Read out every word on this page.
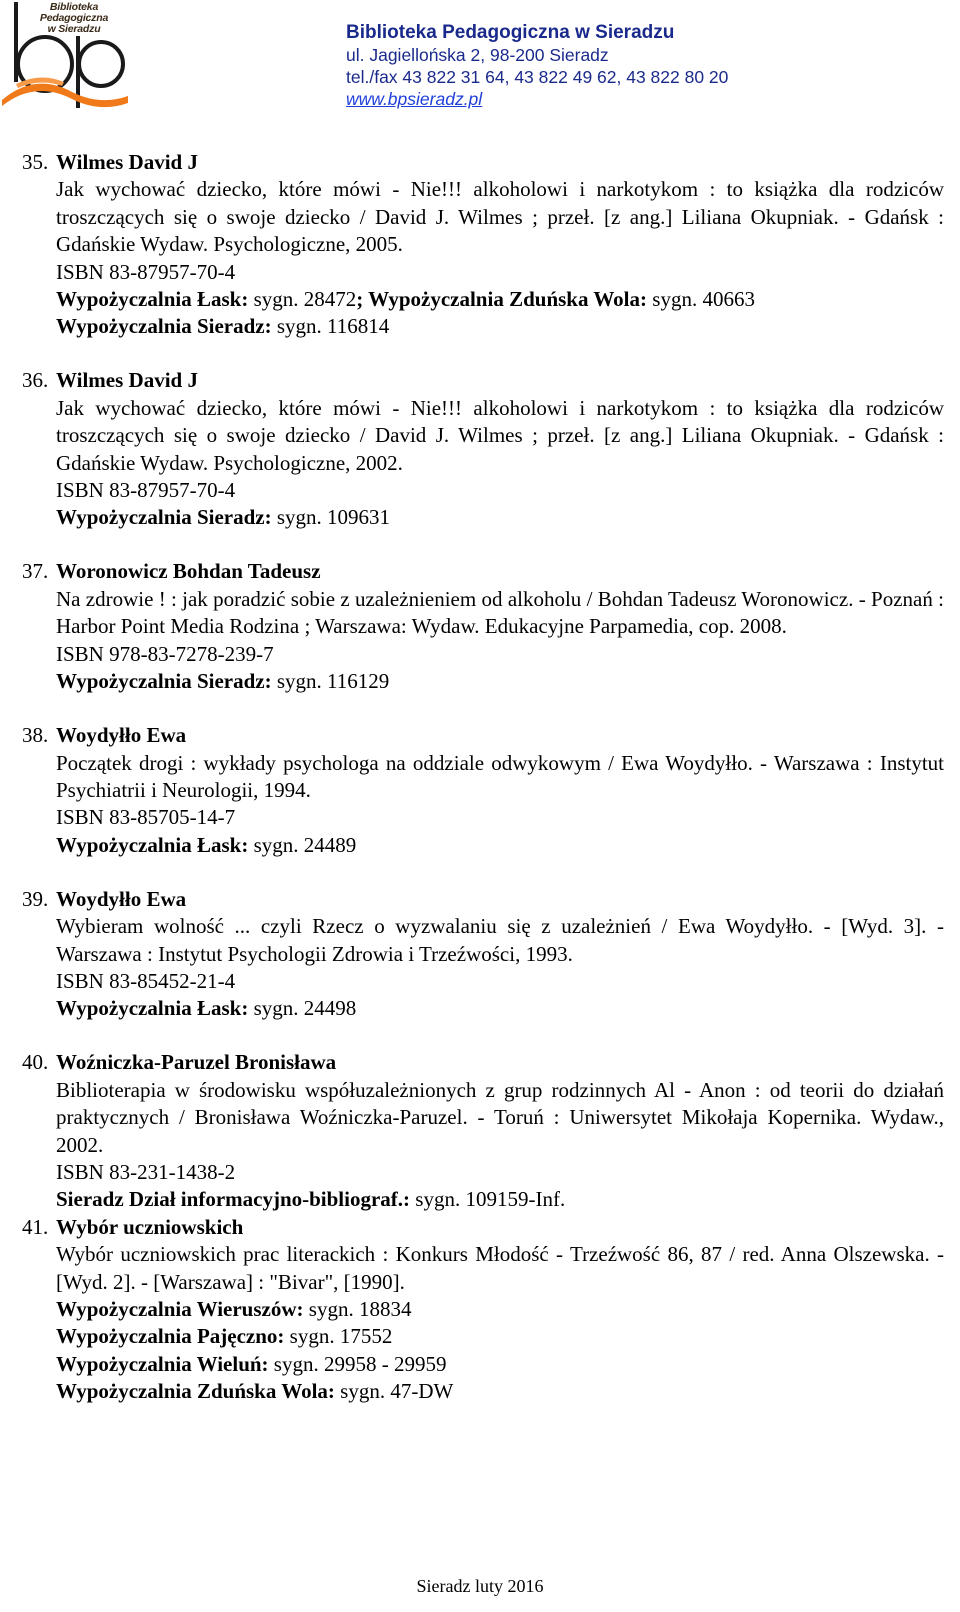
Biblioteka Pedagogiczna
w Sieradzu	Biblioteka Pedagogiczna w Sieradzu
ul. Jagiellońska 2, 98-200 Sieradz
tel./fax 43 822 31 64, 43 822 49 62, 43 822 80 20
www.bpsieradz.pl
35. Wilmes David J
Jak wychować dziecko, które mówi - Nie!!! alkoholowi i narkotykom : to książka dla rodziców troszczących się o swoje dziecko / David J. Wilmes ; przeł. [z ang.] Liliana Okupniak. - Gdańsk : Gdańskie Wydaw. Psychologiczne, 2005.
ISBN 83-87957-70-4
Wypożyczalnia Łask: sygn. 28472; Wypożyczalnia Zduńska Wola: sygn. 40663
Wypożyczalnia Sieradz: sygn. 116814
36. Wilmes David J
Jak wychować dziecko, które mówi - Nie!!! alkoholowi i narkotykom : to książka dla rodziców troszczących się o swoje dziecko / David J. Wilmes ; przeł. [z ang.] Liliana Okupniak. - Gdańsk : Gdańskie Wydaw. Psychologiczne, 2002.
ISBN 83-87957-70-4
Wypożyczalnia Sieradz: sygn. 109631
37. Woronowicz Bohdan Tadeusz
Na zdrowie ! : jak poradzić sobie z uzależnieniem od alkoholu / Bohdan Tadeusz Woronowicz. - Poznań : Harbor Point Media Rodzina ; Warszawa: Wydaw. Edukacyjne Parpamedia, cop. 2008.
ISBN 978-83-7278-239-7
Wypożyczalnia Sieradz: sygn. 116129
38. Woydyłło Ewa
Początek drogi : wykłady psychologa na oddziale odwykowym / Ewa Woydyłło. - Warszawa : Instytut Psychiatrii i Neurologii, 1994.
ISBN 83-85705-14-7
Wypożyczalnia Łask: sygn. 24489
39. Woydyłło Ewa
Wybieram wolność ... czyli Rzecz o wyzwalaniu się z uzależnień / Ewa Woydyłło. - [Wyd. 3]. - Warszawa : Instytut Psychologii Zdrowia i Trzeźwości, 1993.
ISBN 83-85452-21-4
Wypożyczalnia Łask: sygn. 24498
40. Woźniczka-Paruzel Bronisława
Biblioterapia w środowisku współuzależnionych z grup rodzinnych Al - Anon : od teorii do działań praktycznych / Bronisława Woźniczka-Paruzel. - Toruń : Uniwersytet Mikołaja Kopernika. Wydaw., 2002.
ISBN 83-231-1438-2
Sieradz Dział informacyjno-bibliograf.: sygn. 109159-Inf.
41. Wybór uczniowskich
Wybór uczniowskich prac literackich : Konkurs Młodość - Trzeźwość 86, 87 / red. Anna Olszewska. - [Wyd. 2]. - [Warszawa] : "Bivar", [1990].
Wypożyczalnia Wieruszów: sygn. 18834
Wypożyczalnia Pajęczno: sygn. 17552
Wypożyczalnia Wieluń: sygn. 29958 - 29959
Wypożyczalnia Zduńska Wola: sygn. 47-DW
Sieradz luty 2016
